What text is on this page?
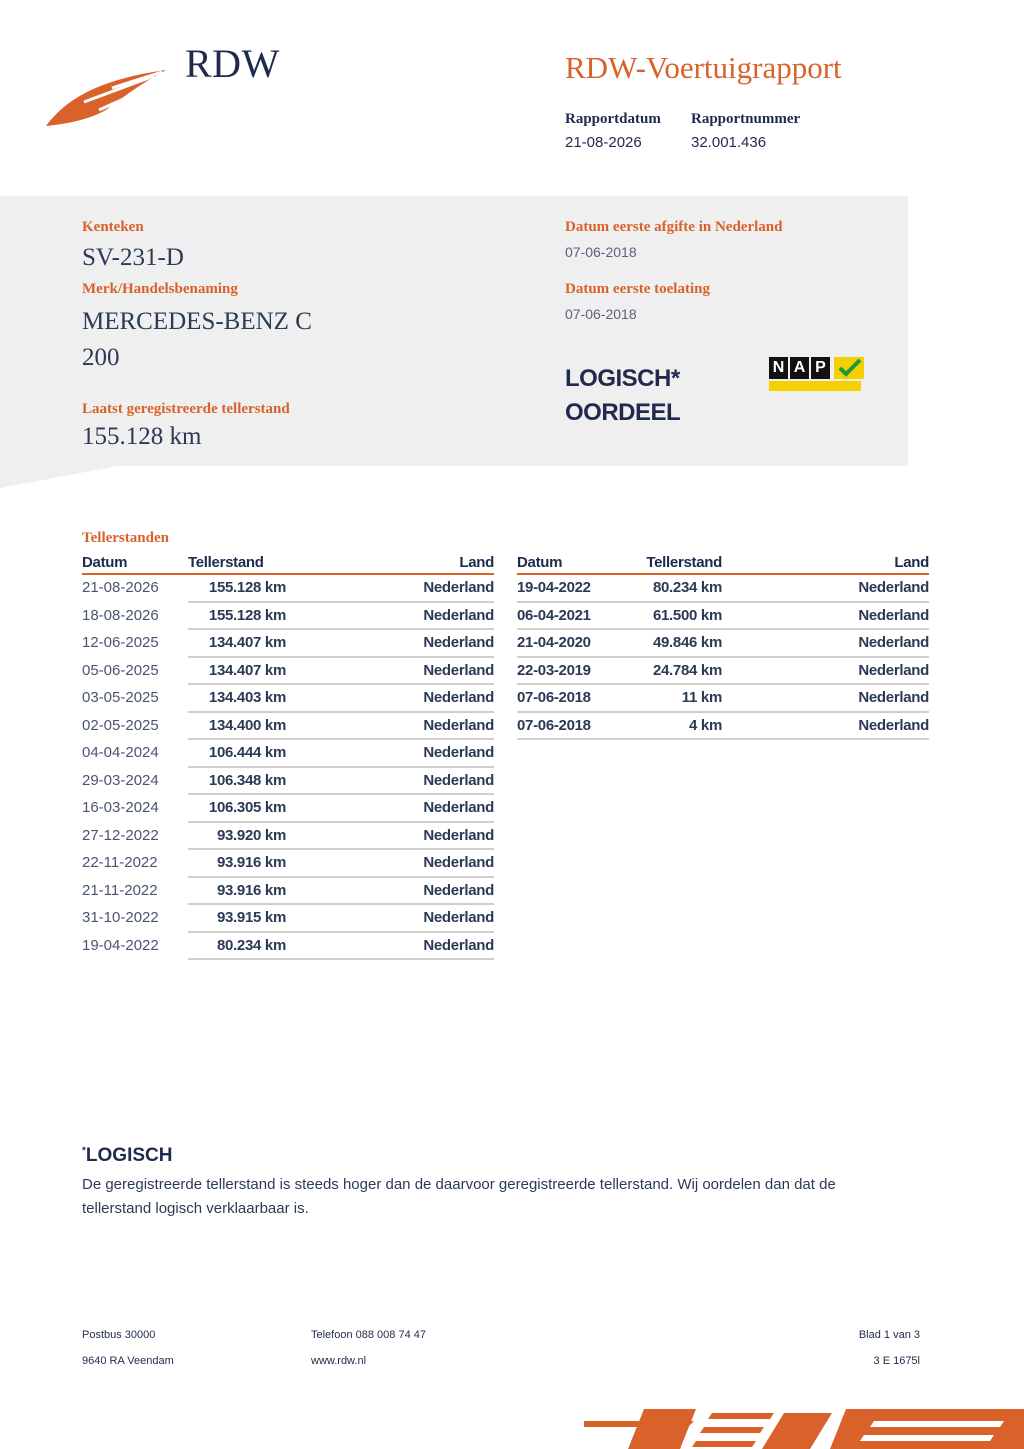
RDW	RDW-Voertuigrapport
Rapportdatum Rapportnummer
21-08-2026	32.001.436
Kenteken
SV-231-D
Merk/Handelsbenaming
MERCEDES-BENZ C
200
Laatst geregistreerde tellerstand
155.128 km
Datum eerste afgifte in Nederland
07-06-2018
Datum eerste toelating
07-06-2018
LOGISCH*
OORDEEL
N A P
Tellerstanden
Datum	Tellerstand	Land
21-08-2026	155.128 km	Nederland
18-08-2026	155.128 km	Nederland
12-06-2025	134.407 km	Nederland
05-06-2025	134.407 km	Nederland
03-05-2025	134.403 km	Nederland
02-05-2025	134.400 km	Nederland
04-04-2024	106.444 km	Nederland
29-03-2024	106.348 km	Nederland
16-03-2024	106.305 km	Nederland
27-12-2022	93.920 km	Nederland
22-11-2022	93.916 km	Nederland
21-11-2022	93.916 km	Nederland
31-10-2022	93.915 km	Nederland
19-04-2022	80.234 km	Nederland
Datum	Tellerstand	Land
19-04-2022	80.234 km	Nederland
06-04-2021	61.500 km	Nederland
21-04-2020	49.846 km	Nederland
22-03-2019	24.784 km	Nederland
07-06-2018	11 km	Nederland
07-06-2018	4 km	Nederland
*LOGISCH
De geregistreerde tellerstand is steeds hoger dan de daarvoor geregistreerde tellerstand. Wij oordelen dan dat de tellerstand logisch verklaarbaar is.
Postbus 30000
9640 RA Veendam
Telefoon 088 008 74 47
www.rdw.nl
Blad 1 van 3
3 E 1675l
